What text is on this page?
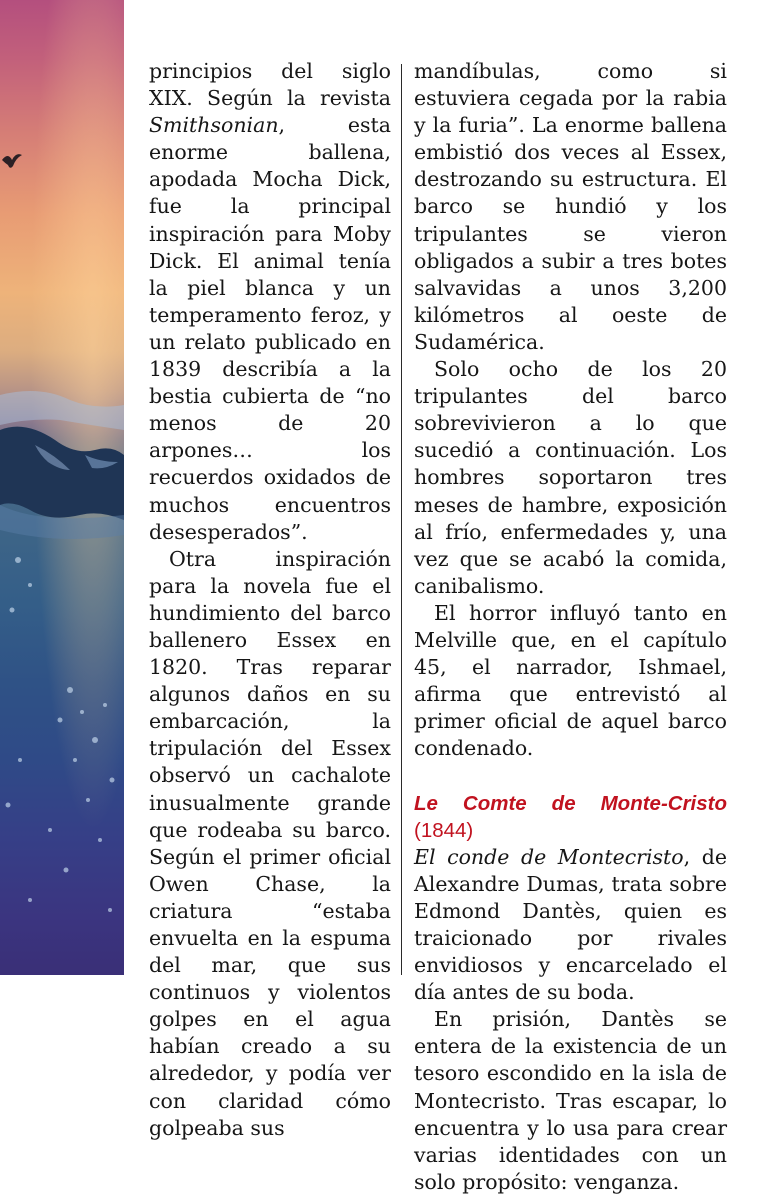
principios del siglo XIX. Según la revista Smithsonian, esta enorme ballena, apodada Mocha Dick, fue la principal inspiración para Moby Dick. El animal tenía la piel blanca y un temperamento feroz, y un relato publicado en 1839 describía a la bestia cubierta de “no menos de 20 arpones… los recuerdos oxidados de muchos encuentros desesperados”.

Otra inspiración para la novela fue el hundimiento del barco ballenero Essex en 1820. Tras reparar algunos daños en su embarcación, la tripulación del Essex observó un cachalote inusualmente grande que rodeaba su barco. Según el primer oficial Owen Chase, la criatura “estaba envuelta en la espuma del mar, que sus continuos y violentos golpes en el agua habían creado a su alrededor, y podía ver con claridad cómo golpeaba sus

mandíbulas, como si estuviera cegada por la rabia y la furia”. La enorme ballena embistió dos veces al Essex, destrozando su estructura. El barco se hundió y los tripulantes se vieron obligados a subir a tres botes salvavidas a unos 3,200 kilómetros al oeste de Sudamérica.

Solo ocho de los 20 tripulantes del barco sobrevivieron a lo que sucedió a continuación. Los hombres soportaron tres meses de hambre, exposición al frío, enfermedades y, una vez que se acabó la comida, canibalismo.

El horror influyó tanto en Melville que, en el capítulo 45, el narrador, Ishmael, afirma que entrevistó al primer oficial de aquel barco condenado.

Le Comte de Monte-Cristo (1844)

El conde de Montecristo, de Alexandre Dumas, trata sobre Edmond Dantès, quien es traicionado por rivales envidiosos y encarcelado el día antes de su boda.

En prisión, Dantès se entera de la existencia de un tesoro escondido en la isla de Montecristo. Tras escapar, lo encuentra y lo usa para crear varias identidades con un solo propósito: venganza.
